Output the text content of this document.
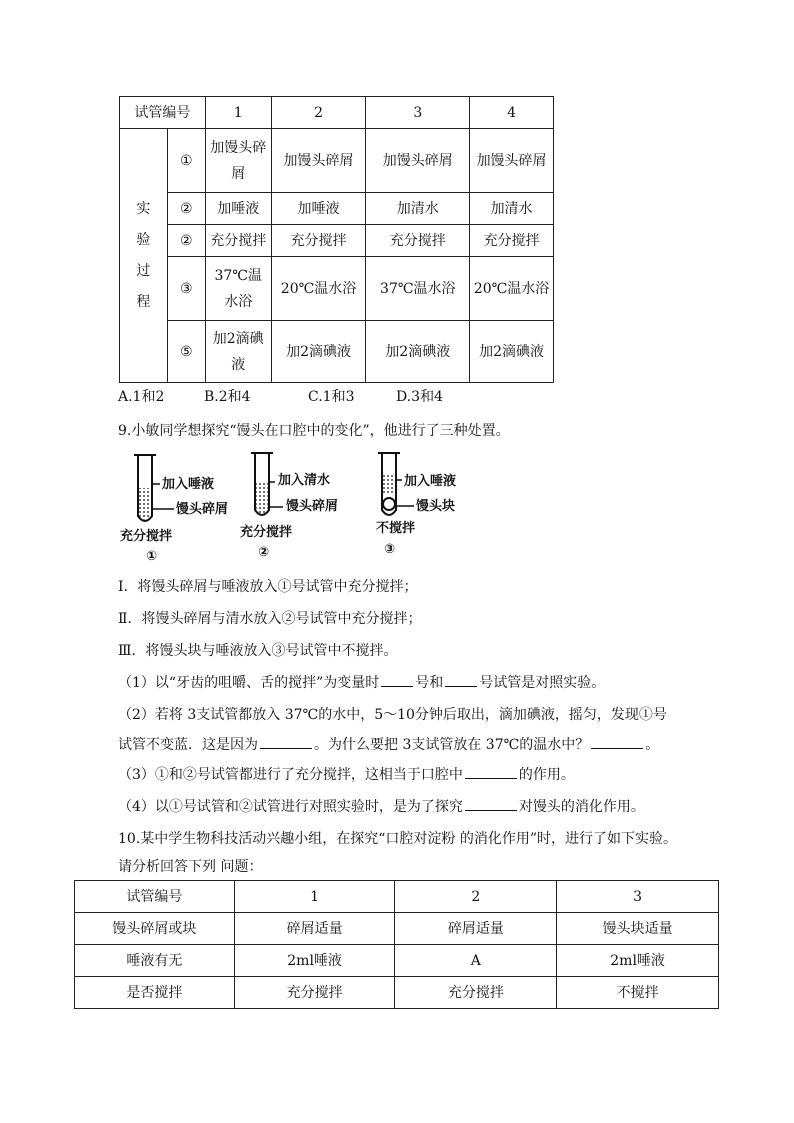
试管编号		1	2	3	4

实
验
过
程	①	加馒头碎屑	加馒头碎屑	加馒头碎屑	加馒头碎屑
	②	加唾液	加唾液	加清水	加清水
	②	充分搅拌	充分搅拌	充分搅拌	充分搅拌
	③	37℃温水浴	20℃温水浴	37℃温水浴	20℃温水浴
	⑤	加2滴碘液	加2滴碘液	加2滴碘液	加2滴碘液
A.1和2	B.2和4	C.1和3	D.3和4
9.小敏同学想探究“馒头在口腔中的变化”，他进行了三种处置。
加入唾液
馒头碎屑
充分搅拌
①
加入清水
馒头碎屑
充分搅拌
②
加入唾液
馒头块
不搅拌
③
Ⅰ．将馒头碎屑与唾液放入①号试管中充分搅拌；
Ⅱ．将馒头碎屑与清水放入②号试管中充分搅拌；
Ⅲ．将馒头块与唾液放入③号试管中不搅拌。
（1）以“牙齿的咀嚼、舌的搅拌”为变量时	号和	号试管是对照实验。
（2）若将 3支试管都放入 37℃的水中，5～10分钟后取出，滴加碘液，摇匀，发现①号
试管不变蓝．这是因为	。为什么要把 3支试管放在 37℃的温水中？	。
（3）①和②号试管都进行了充分搅拌，这相当于口腔中	的作用。
（4）以①号试管和②试管进行对照实验时，是为了探究	对馒头的消化作用。
10.某中学生物科技活动兴趣小组，在探究“口腔对淀粉 的消化作用”时，进行了如下实验。
请分析回答下列 问题：
试管编号	1	2	3
馒头碎屑或块	碎屑适量	碎屑适量	馒头块适量
唾液有无	2ml唾液	A	2ml唾液
是否搅拌	充分搅拌	充分搅拌	不搅拌
